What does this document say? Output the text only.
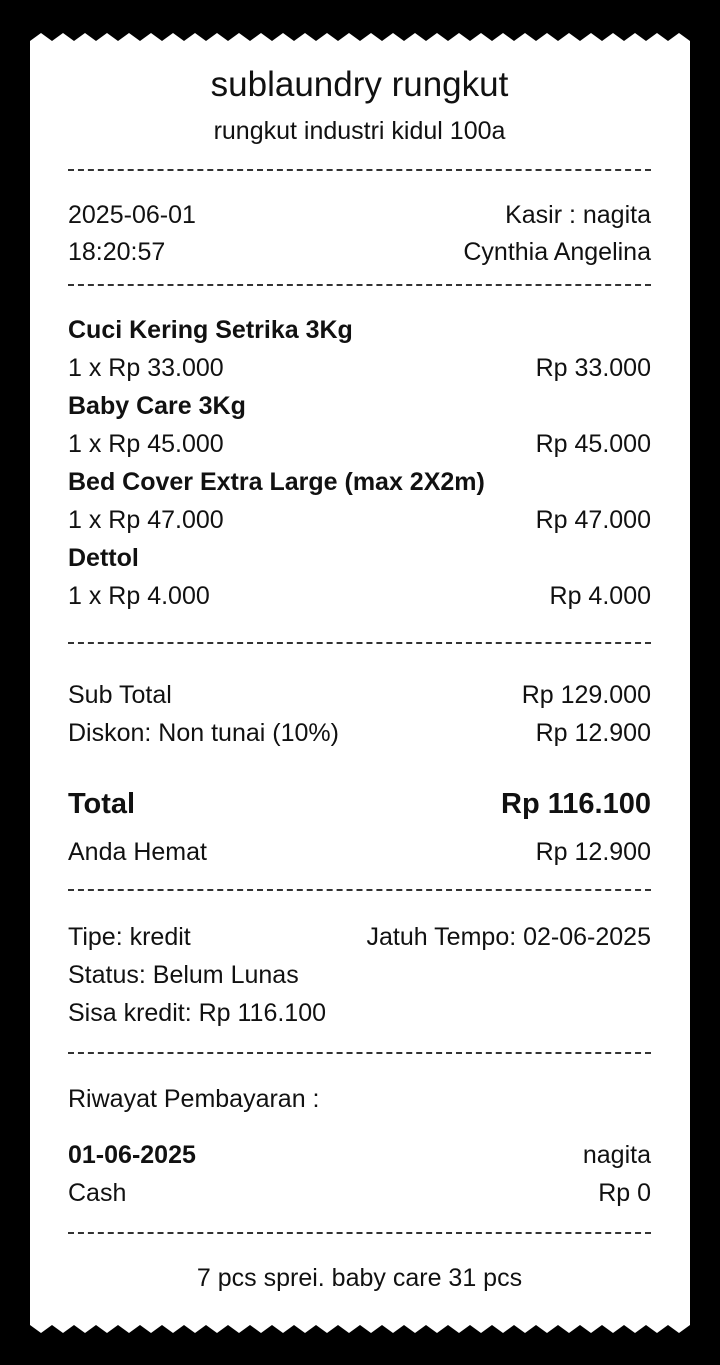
sublaundry rungkut
rungkut industri kidul 100a
2025-06-01	Kasir : nagita
18:20:57	Cynthia Angelina
Cuci Kering Setrika 3Kg
1 x Rp 33.000	Rp 33.000
Baby Care 3Kg
1 x Rp 45.000	Rp 45.000
Bed Cover Extra Large (max 2X2m)
1 x Rp 47.000	Rp 47.000
Dettol
1 x Rp 4.000	Rp 4.000
Sub Total	Rp 129.000
Diskon: Non tunai (10%)	Rp 12.900
Total	Rp 116.100
Anda Hemat	Rp 12.900
Tipe: kredit	Jatuh Tempo: 02-06-2025
Status: Belum Lunas
Sisa kredit: Rp 116.100
Riwayat Pembayaran :
01-06-2025	nagita
Cash	Rp 0
7 pcs sprei. baby care 31 pcs
